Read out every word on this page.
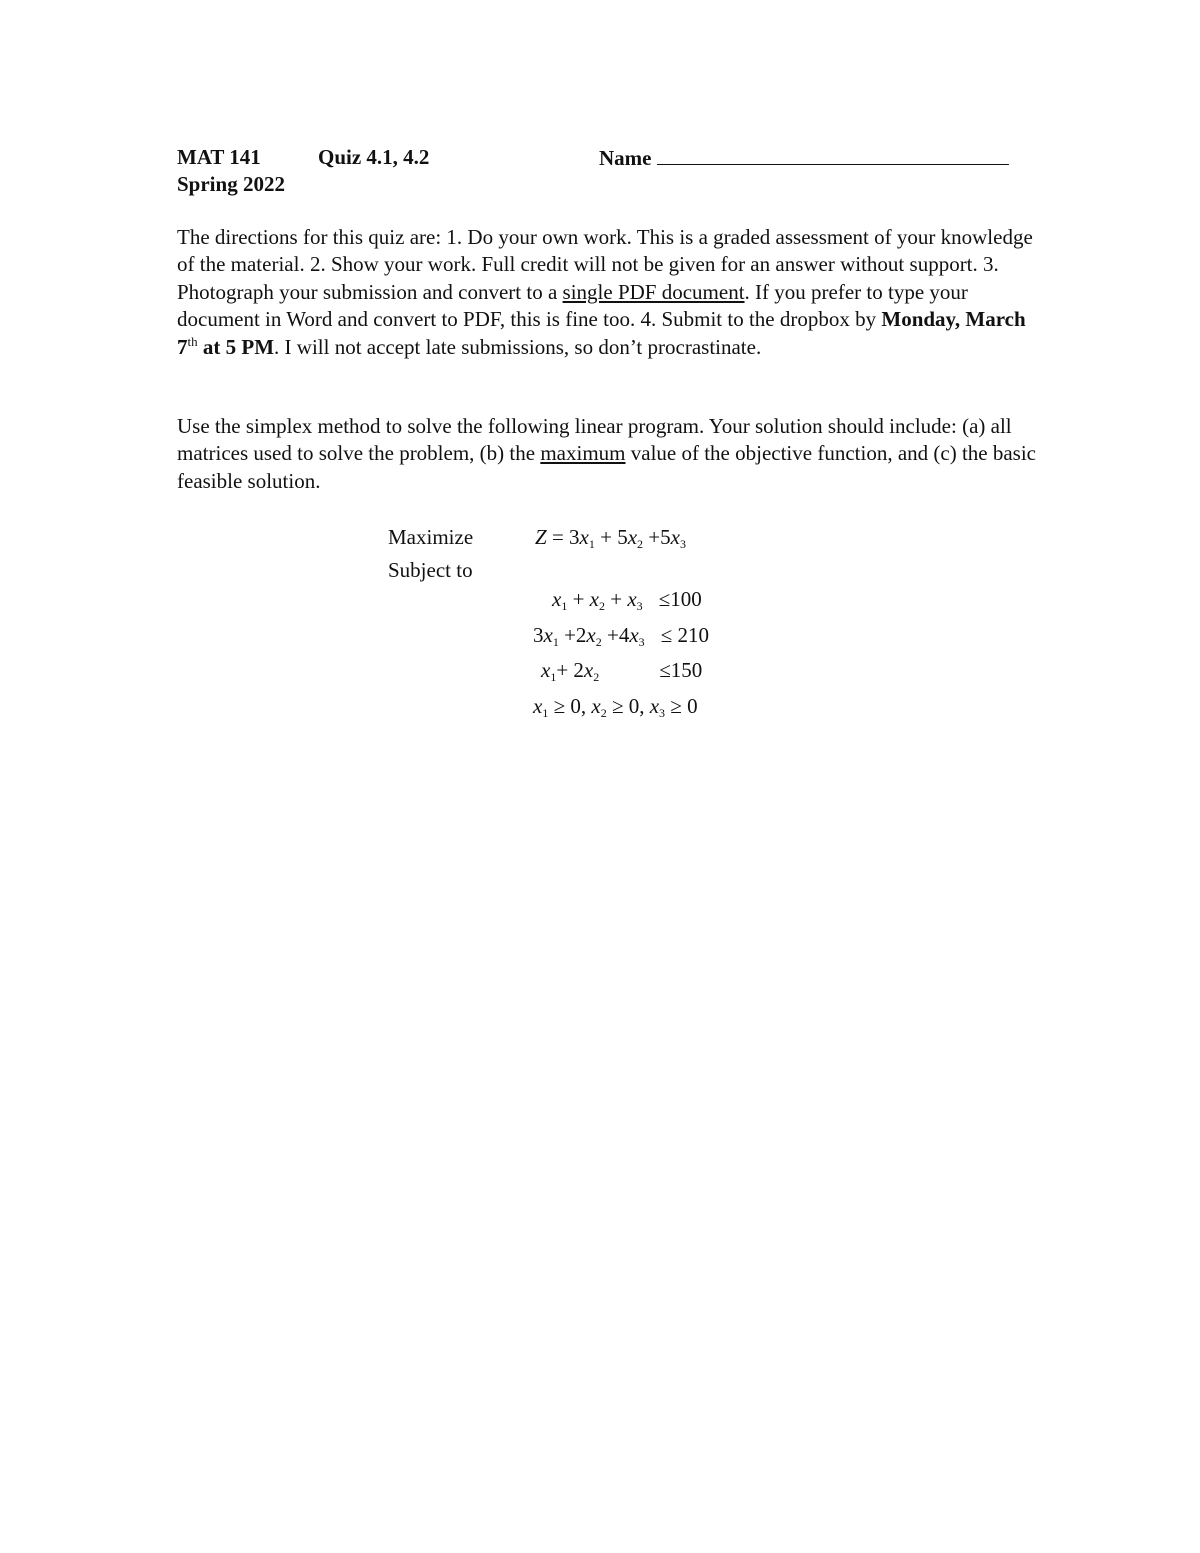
MAT 141	Quiz 4.1, 4.2	Name
Spring 2022
The directions for this quiz are: 1. Do your own work. This is a graded assessment of your knowledge of the material. 2. Show your work. Full credit will not be given for an answer without support. 3. Photograph your submission and convert to a single PDF document. If you prefer to type your document in Word and convert to PDF, this is fine too. 4. Submit to the dropbox by Monday, March 7th at 5 PM. I will not accept late submissions, so don’t procrastinate.
Use the simplex method to solve the following linear program. Your solution should include: (a) all matrices used to solve the problem, (b) the maximum value of the objective function, and (c) the basic feasible solution.
Maximize
Subject to
$Z = 3x_1 + 5x_2 +5x_3$
$x_1 + x_2 + x_3 \le 100$
$3x_1 +2x_2 +4x_3 \le 210$
$x_1+ 2x_2$	≤150
$x_1 \ge 0$, $x_2 \ge 0$, $x_3 \ge 0$
